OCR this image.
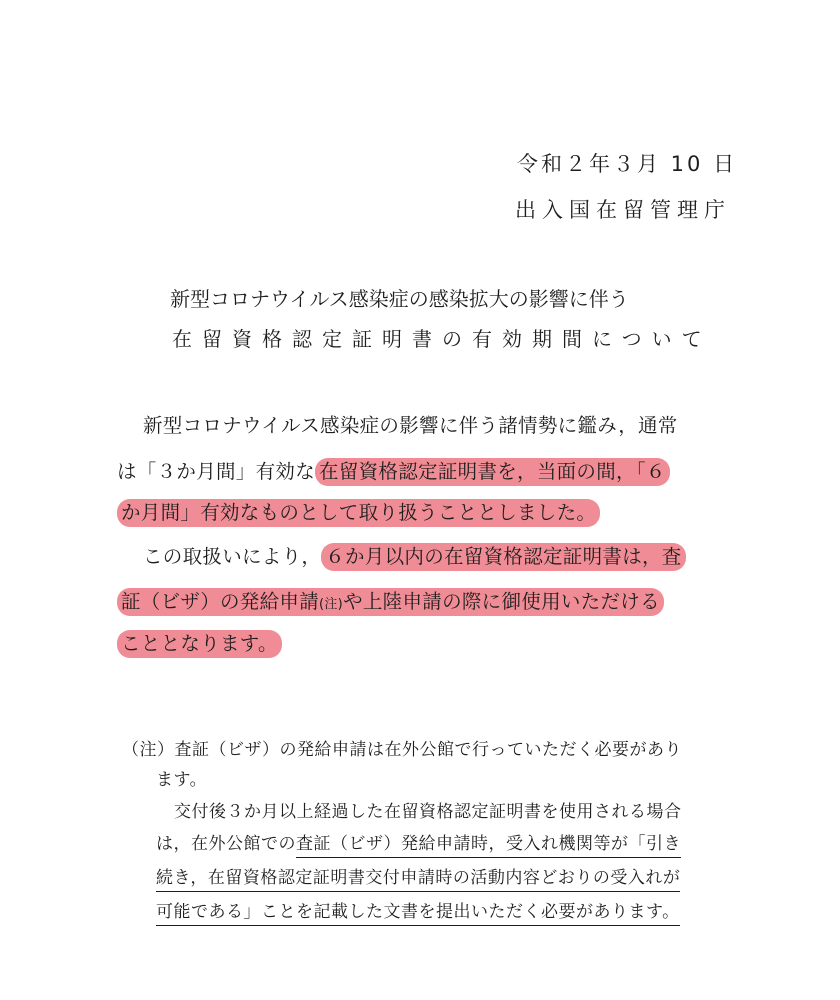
令和２年３月 10 日
出入国在留管理庁
新型コロナウイルス感染症の感染拡大の影響に伴う
在留資格認定証明書の有効期間について
新型コロナウイルス感染症の影響に伴う諸情勢に鑑み，通常
は「３か月間」有効な 在留資格認定証明書を，当面の間，「６
か月間」有効なものとして取り扱うこととしました。
この取扱いにより， ６か月以内の在留資格認定証明書は，査
証（ビザ）の発給申請(注)や上陸申請の際に御使用いただける
こととなります。
（注）査証（ビザ）の発給申請は在外公館で行っていただく必要があり
ます。
交付後３か月以上経過した在留資格認定証明書を使用される場合
は，在外公館での査証（ビザ）発給申請時，受入れ機関等が「引き
続き，在留資格認定証明書交付申請時の活動内容どおりの受入れが
可能である」ことを記載した文書を提出いただく必要があります。
